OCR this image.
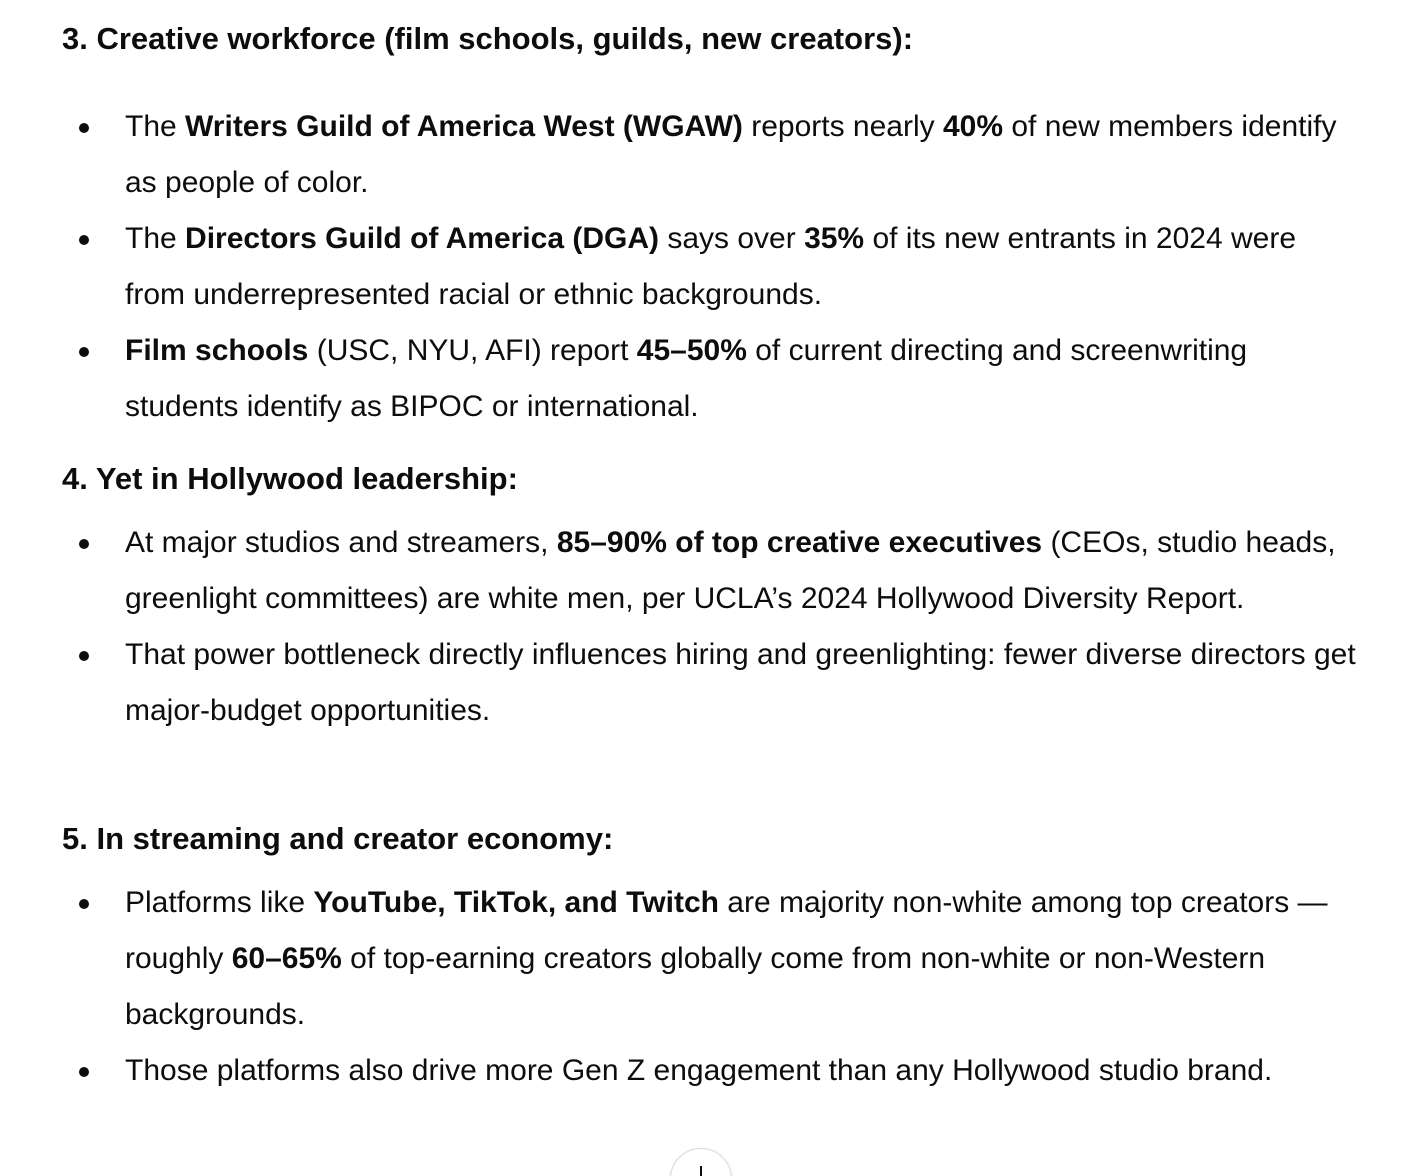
3. Creative workforce (film schools, guilds, new creators):
The Writers Guild of America West (WGAW) reports nearly 40% of new members identify as people of color.
The Directors Guild of America (DGA) says over 35% of its new entrants in 2024 were from underrepresented racial or ethnic backgrounds.
Film schools (USC, NYU, AFI) report 45–50% of current directing and screenwriting students identify as BIPOC or international.
4. Yet in Hollywood leadership:
At major studios and streamers, 85–90% of top creative executives (CEOs, studio heads, greenlight committees) are white men, per UCLA’s 2024 Hollywood Diversity Report.
That power bottleneck directly influences hiring and greenlighting: fewer diverse directors get major-budget opportunities.
5. In streaming and creator economy:
Platforms like YouTube, TikTok, and Twitch are majority non-white among top creators — roughly 60–65% of top-earning creators globally come from non-white or non-Western backgrounds.
Those platforms also drive more Gen Z engagement than any Hollywood studio brand.
